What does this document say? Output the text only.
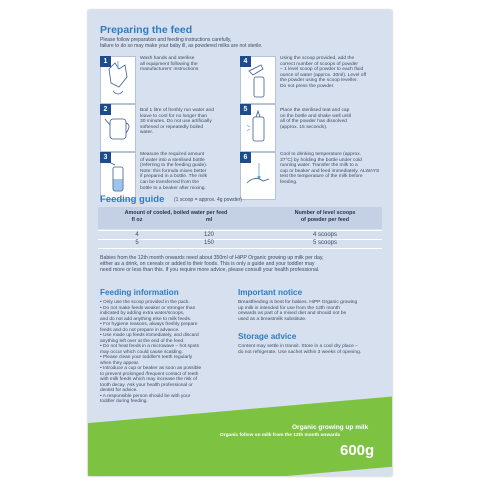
Preparing the feed
Please follow preparation and feeding instructions carefully,
failure to do so may make your baby ill, as powdered milks are not sterile.
1	Wash hands and sterilise
all equipment following the
manufacturers' instructions
2	Boil 1 litre of freshly run water and
leave to cool for no longer than
30 minutes. Do not use artificially
softened or repeatedly boiled
water.
3	Measure the required amount
of water into a sterilised bottle
(referring to the feeding guide).
Note: this formula mixes better
if prepared in a bottle. The milk
can be transferred from the
bottle to a beaker after mixing.
4	Using the scoop provided, add the
correct number of scoops of powder
– 1 level scoop of powder to each fluid
ounce of water (approx. 30ml). Level off
the powder using the scoop leveller.
Do not press the powder.
5	Place the sterilised teat and cap
on the bottle and shake well until
all of the powder has dissolved
(approx. 15 seconds).
6	Cool to drinking temperature (approx.
37°C) by holding the bottle under cold
running water. Transfer the milk to a
cup or beaker and feed immediately. ALWAYS
test the temperature of the milk before
feeding.
Feeding guide (1 scoop = approx. 4g powder)
Amount of cooled, boiled water per feed
fl oz	ml
Number of level scoops
of powder per feed
4	120	4 scoops
5	150	5 scoops
Babies from the 12th month onwards need about 350ml of HiPP Organic growing up milk per day,
either as a drink, on cereals or added to their foods. This is only a guide and your toddler may
need more or less than this. If you require more advice, please consult your health professional.
Feeding information
• Only use the scoop provided in the pack.
• Do not make feeds weaker or stronger than
indicated by adding extra water/scoops,
and do not add anything else to milk feeds.
• For hygiene reasons, always freshly prepare
feeds and do not prepare in advance.
• Use made up feeds immediately, and discard
anything left over at the end of the feed.
• Do not heat feeds in a microwave – hot spots
may occur which could cause scalding.
• Please clean your toddler's teeth regularly
when they appear.
• Introduce a cup or beaker as soon as possible
to prevent prolonged /frequent contact of teeth
with milk feeds which may increase the risk of
tooth decay. Ask your health professional or
dentist for advice.
• A responsible person should be with your
toddler during feeding.
Important notice
Breastfeeding is best for babies. HiPP Organic growing
up milk is intended for use from the 12th month
onwards as part of a mixed diet and should not be
used as a breastmilk substitute.
Storage advice
Content may settle in transit. Store in a cool dry place –
do not refrigerate. Use sachet within 3 weeks of opening.
Organic growing up milk
Organic follow on milk from the 12th month onwards
600g
